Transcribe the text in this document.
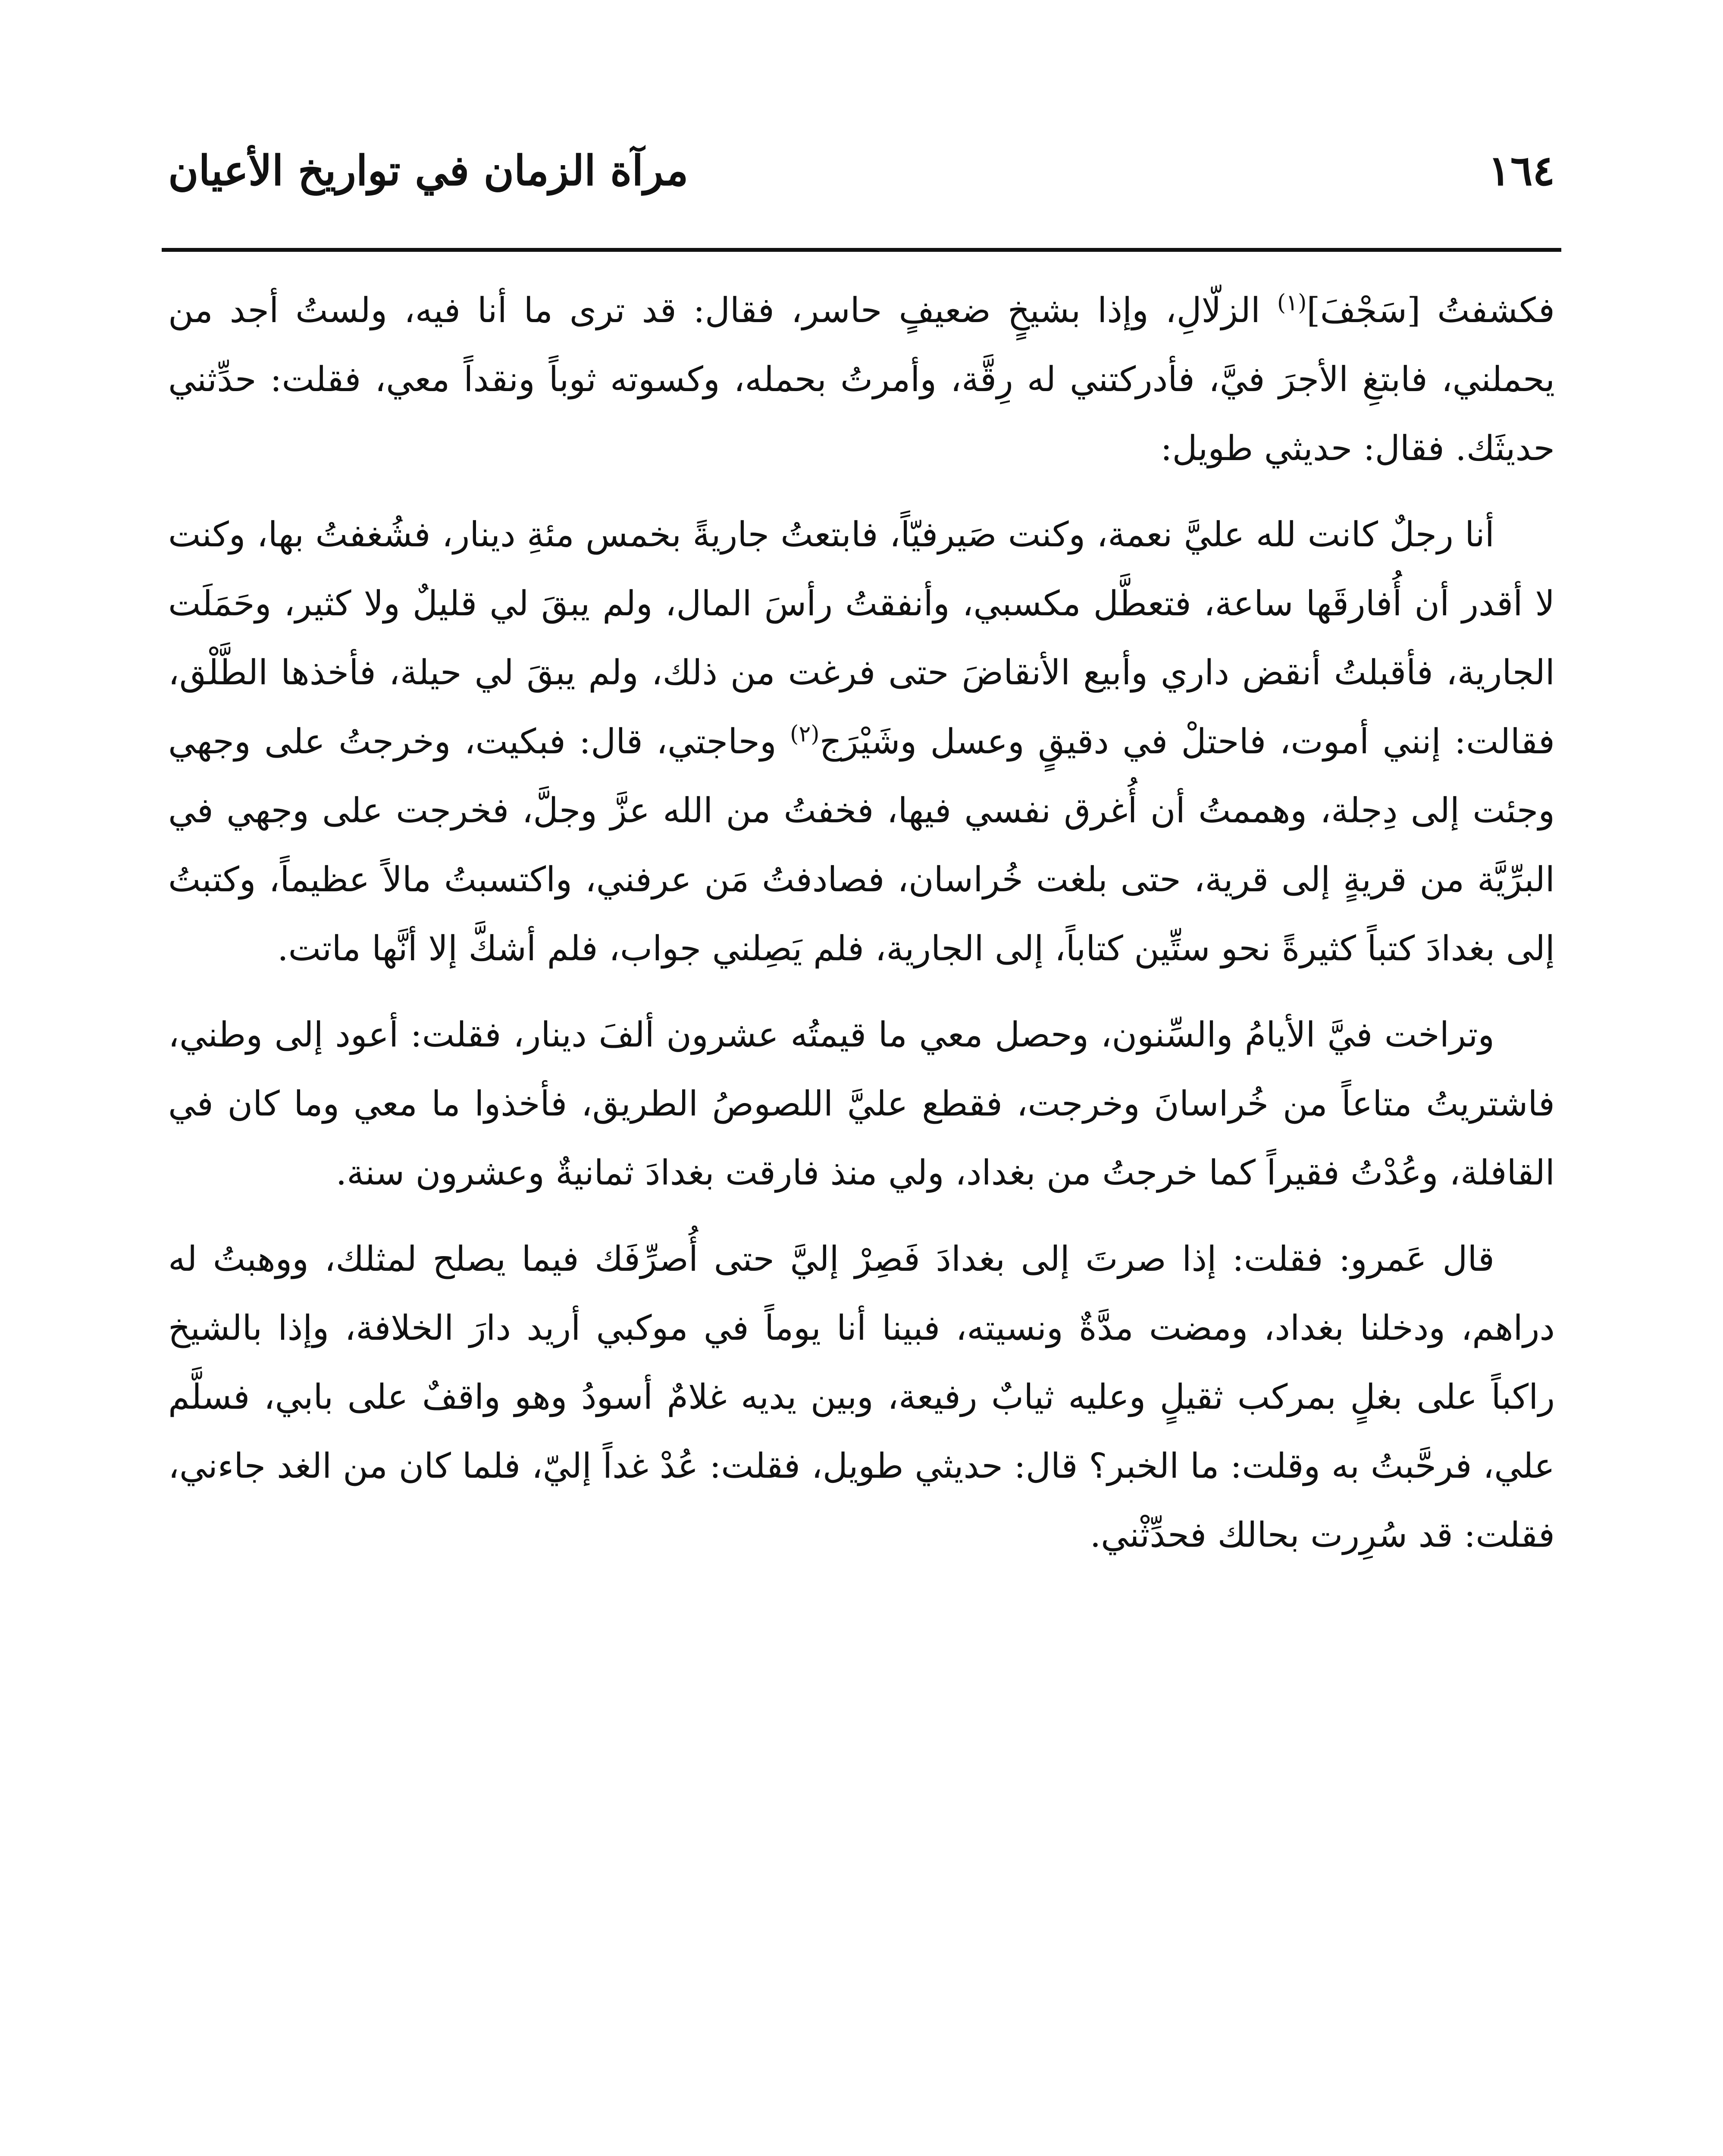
١٦٤
مرآة الزمان في تواريخ الأعيان

فكشفتُ [سَجْفَ]$^{(١)}$ الزلّالِ، وإذا بشيخٍ ضعيفٍ حاسر، فقال: قد ترى ما أنا فيه، ولستُ أجد من يحملني، فابتغِ الأجرَ فيَّ، فأدركتني له رِقَّة، وأمرتُ بحمله، وكسوته ثوباً ونقداً معي، فقلت: حدِّثني حديثَك. فقال: حديثي طويل:

أنا رجلٌ كانت لله عليَّ نعمة، وكنت صَيرفيّاً، فابتعتُ جاريةً بخمس مئةِ دينار، فشُغفتُ بها، وكنت لا أقدر أن أُفارقَها ساعة، فتعطَّل مكسبي، وأنفقتُ رأسَ المال، ولم يبقَ لي قليلٌ ولا كثير، وحَمَلَت الجارية، فأقبلتُ أنقض داري وأبيع الأنقاضَ حتى فرغت من ذلك، ولم يبقَ لي حيلة، فأخذها الطَّلْق، فقالت: إنني أموت، فاحتلْ في دقيقٍ وعسل وشَيْرَج$^{(٢)}$ وحاجتي، قال: فبكيت، وخرجتُ على وجهي وجئت إلى دِجلة، وهممتُ أن أُغرق نفسي فيها، فخفتُ من الله عزَّ وجلَّ، فخرجت على وجهي في البرِّيَّة من قريةٍ إلى قرية، حتى بلغت خُراسان، فصادفتُ مَن عرفني، واكتسبتُ مالاً عظيماً، وكتبتُ إلى بغدادَ كتباً كثيرةً نحو ستِّين كتاباً، إلى الجارية، فلم يَصِلني جواب، فلم أشكَّ إلا أنَّها ماتت.

وتراخت فيَّ الأيامُ والسِّنون، وحصل معي ما قيمتُه عشرون ألفَ دينار، فقلت: أعود إلى وطني، فاشتريتُ متاعاً من خُراسانَ وخرجت، فقطع عليَّ اللصوصُ الطريق، فأخذوا ما معي وما كان في القافلة، وعُدْتُ فقيراً كما خرجتُ من بغداد، ولي منذ فارقت بغدادَ ثمانيةٌ وعشرون سنة.

قال عَمرو: فقلت: إذا صرتَ إلى بغدادَ فَصِرْ إليَّ حتى أُصرِّفَك فيما يصلح لمثلك، ووهبتُ له دراهم، ودخلنا بغداد، ومضت مدَّةٌ ونسيته، فبينا أنا يوماً في موكبي أريد دارَ الخلافة، وإذا بالشيخ راكباً على بغلٍ بمركب ثقيلٍ وعليه ثيابٌ رفيعة، وبين يديه غلامٌ أسودُ وهو واقفٌ على بابي، فسلَّم علي، فرحَّبتُ به وقلت: ما الخبر؟ قال: حديثي طويل، فقلت: عُدْ غداً إليّ، فلما كان من الغد جاءني، فقلت: قد سُرِرت بحالك فحدِّثْني.
